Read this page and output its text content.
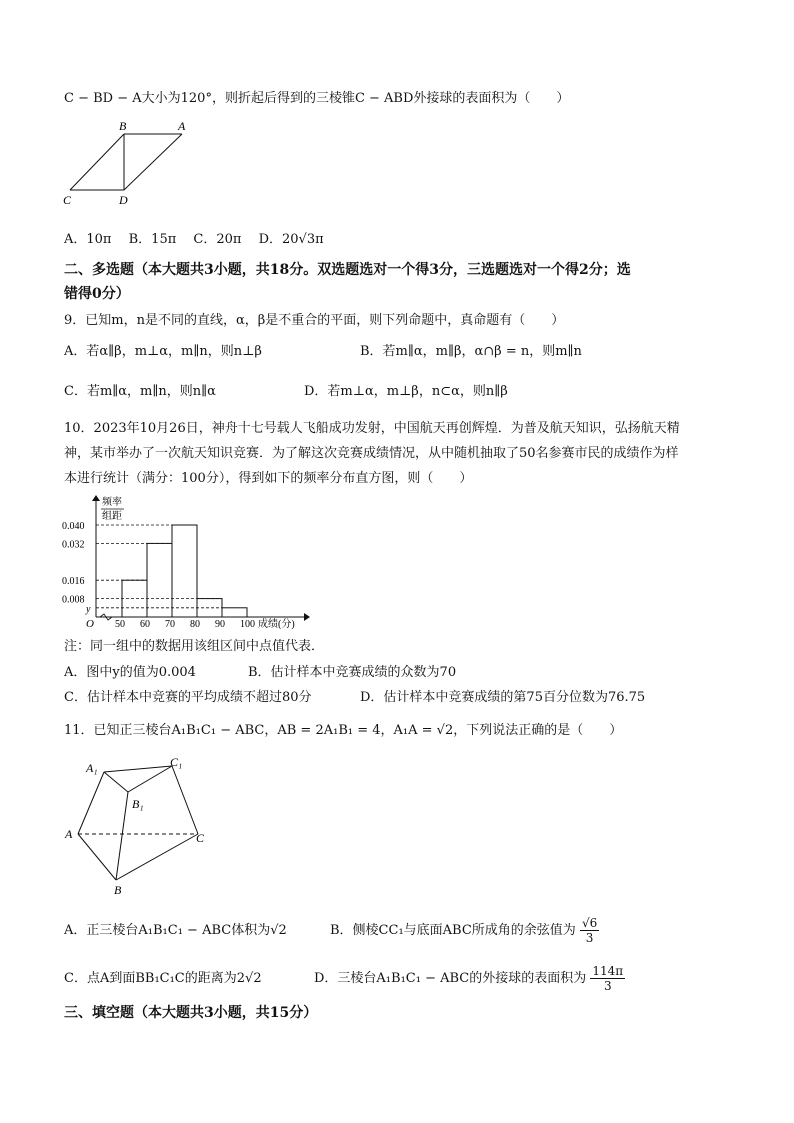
C − BD − A大小为120°，则折起后得到的三棱锥C − ABD外接球的表面积为（　　）
B	A
C	D
A．10π  B．15π  C．20π  D．20√3π
二、多选题（本大题共3小题，共18分。双选题选对一个得3分，三选题选对一个得2分；选
错得0分）
9．已知m，n是不同的直线，α，β是不重合的平面，则下列命题中，真命题有（　　）
A．若α∥β，m⊥α，m∥n，则n⊥β	B．若m∥α，m∥β，α∩β = n，则m∥n
C．若m∥α，m∥n，则n∥α	D．若m⊥α，m⊥β，n⊂α，则n∥β
10．2023年10月26日，神舟十七号载人飞船成功发射，中国航天再创辉煌．为普及航天知识，弘扬航天精
神，某市举办了一次航天知识竞赛．为了解这次竞赛成绩情况，从中随机抽取了50名参赛市民的成绩作为样
本进行统计（满分：100分），得到如下的频率分布直方图，则（　　）
频率
组距
成绩(分)
O
0.040
0.032
0.016
0.008
y
50 60 70 80 90 100
注：同一组中的数据用该组区间中点值代表．
A．图中y的值为0.004	B．估计样本中竞赛成绩的众数为70
C．估计样本中竞赛的平均成绩不超过80分	D．估计样本中竞赛成绩的第75百分位数为76.75
11．已知正三棱台A₁B₁C₁ − ABC，AB = 2A₁B₁ = 4，A₁A = √2，下列说法正确的是（　　）
A₁	C₁
B₁
A	C
B
A．正三棱台A₁B₁C₁ − ABC体积为√2	B．侧棱CC₁与底面ABC所成角的余弦值为 $\frac{√6}{3}$
C．点A到面BB₁C₁C的距离为2√2	D．三棱台A₁B₁C₁ − ABC的外接球的表面积为 $\frac{114\pi}{3}$
三、填空题（本大题共3小题，共15分）
